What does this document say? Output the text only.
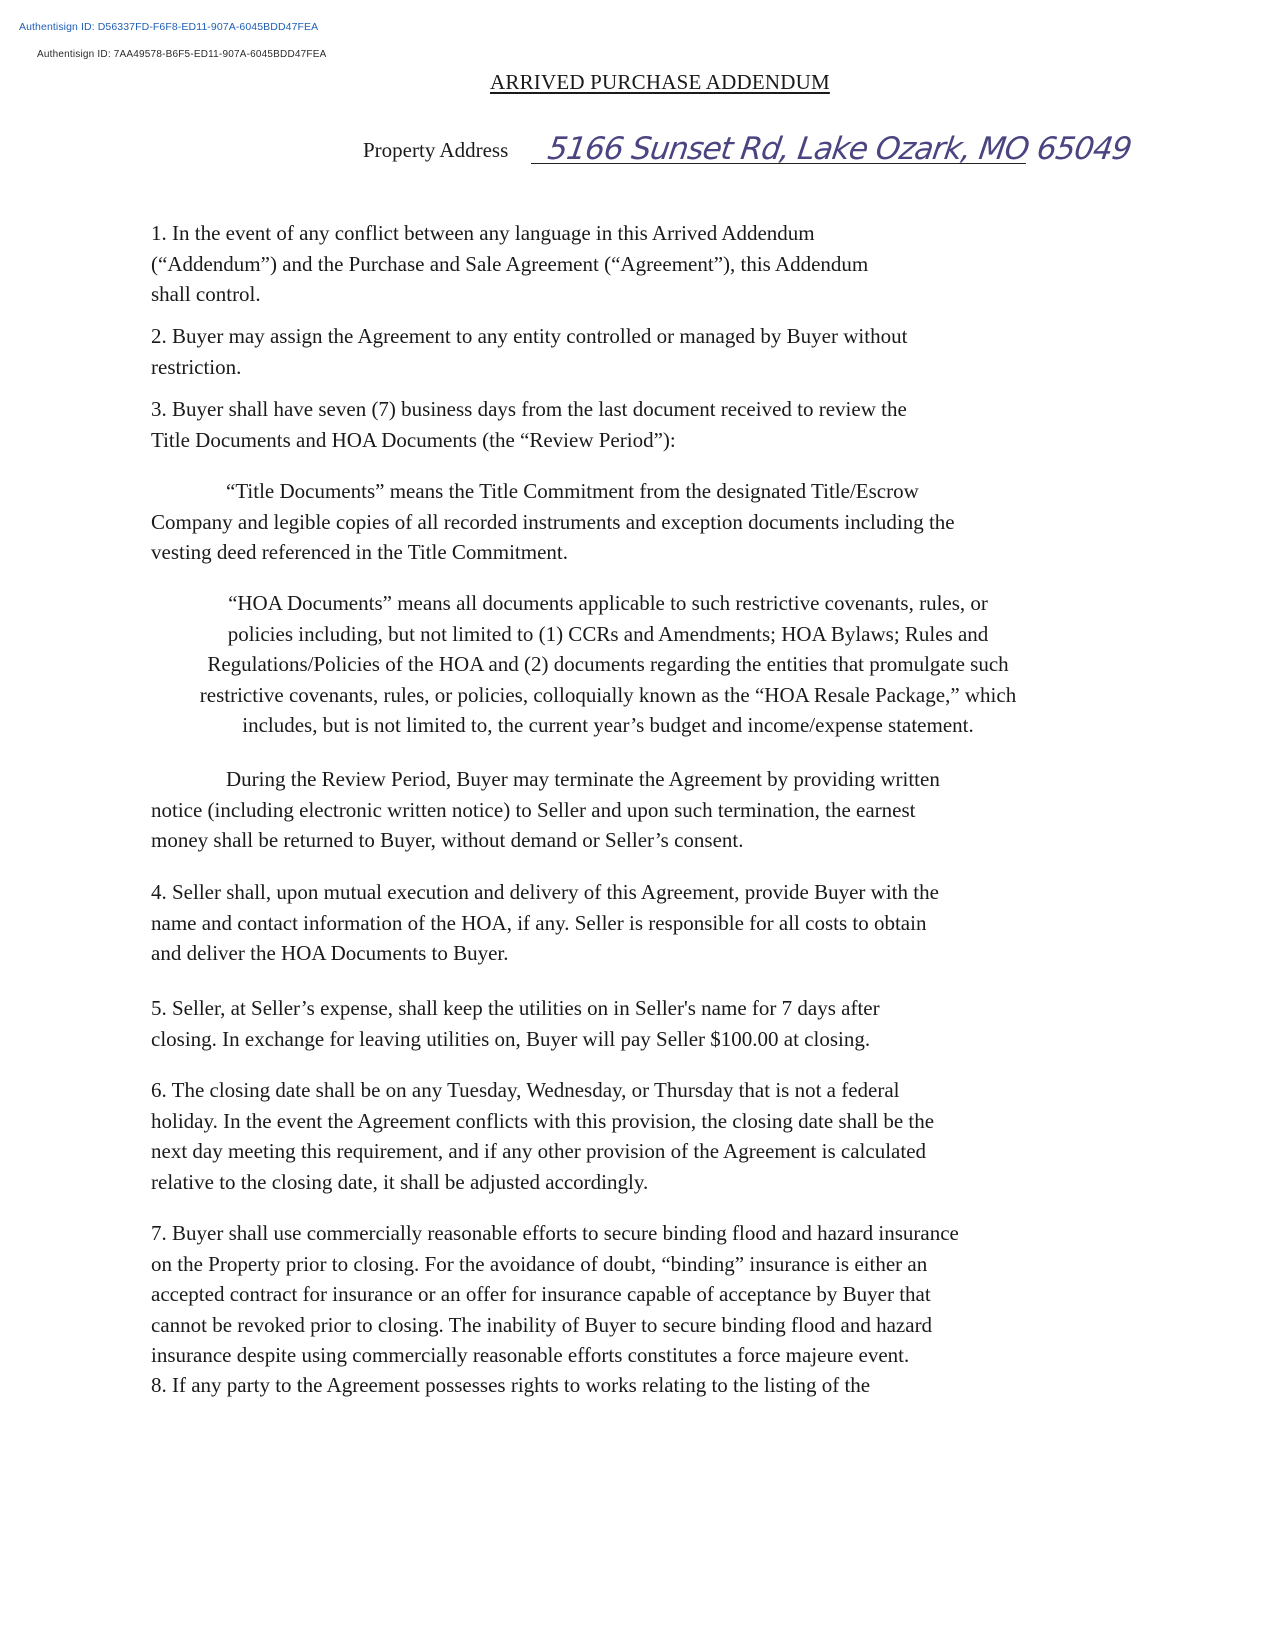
Authentisign ID: D56337FD-F6F8-ED11-907A-6045BDD47FEA
Authentisign ID: 7AA49578-B6F5-ED11-907A-6045BDD47FEA
ARRIVED PURCHASE ADDENDUM
Property Address 5166 Sunset Rd, Lake Ozark, MO 65049
1. In the event of any conflict between any language in this Arrived Addendum
(“Addendum”) and the Purchase and Sale Agreement (“Agreement”), this Addendum
shall control.
2. Buyer may assign the Agreement to any entity controlled or managed by Buyer without
restriction.
3. Buyer shall have seven (7) business days from the last document received to review the
Title Documents and HOA Documents (the “Review Period”):
“Title Documents” means the Title Commitment from the designated Title/Escrow
Company and legible copies of all recorded instruments and exception documents including the
vesting deed referenced in the Title Commitment.
“HOA Documents” means all documents applicable to such restrictive covenants, rules, or
policies including, but not limited to (1) CCRs and Amendments; HOA Bylaws; Rules and
Regulations/Policies of the HOA and (2) documents regarding the entities that promulgate such
restrictive covenants, rules, or policies, colloquially known as the “HOA Resale Package,” which
includes, but is not limited to, the current year’s budget and income/expense statement.
During the Review Period, Buyer may terminate the Agreement by providing written
notice (including electronic written notice) to Seller and upon such termination, the earnest
money shall be returned to Buyer, without demand or Seller’s consent.
4. Seller shall, upon mutual execution and delivery of this Agreement, provide Buyer with the
name and contact information of the HOA, if any. Seller is responsible for all costs to obtain
and deliver the HOA Documents to Buyer.
5. Seller, at Seller’s expense, shall keep the utilities on in Seller's name for 7 days after
closing. In exchange for leaving utilities on, Buyer will pay Seller $100.00 at closing.
6. The closing date shall be on any Tuesday, Wednesday, or Thursday that is not a federal
holiday. In the event the Agreement conflicts with this provision, the closing date shall be the
next day meeting this requirement, and if any other provision of the Agreement is calculated
relative to the closing date, it shall be adjusted accordingly.
7. Buyer shall use commercially reasonable efforts to secure binding flood and hazard insurance
on the Property prior to closing. For the avoidance of doubt, “binding” insurance is either an
accepted contract for insurance or an offer for insurance capable of acceptance by Buyer that
cannot be revoked prior to closing. The inability of Buyer to secure binding flood and hazard
insurance despite using commercially reasonable efforts constitutes a force majeure event.
8. If any party to the Agreement possesses rights to works relating to the listing of the
